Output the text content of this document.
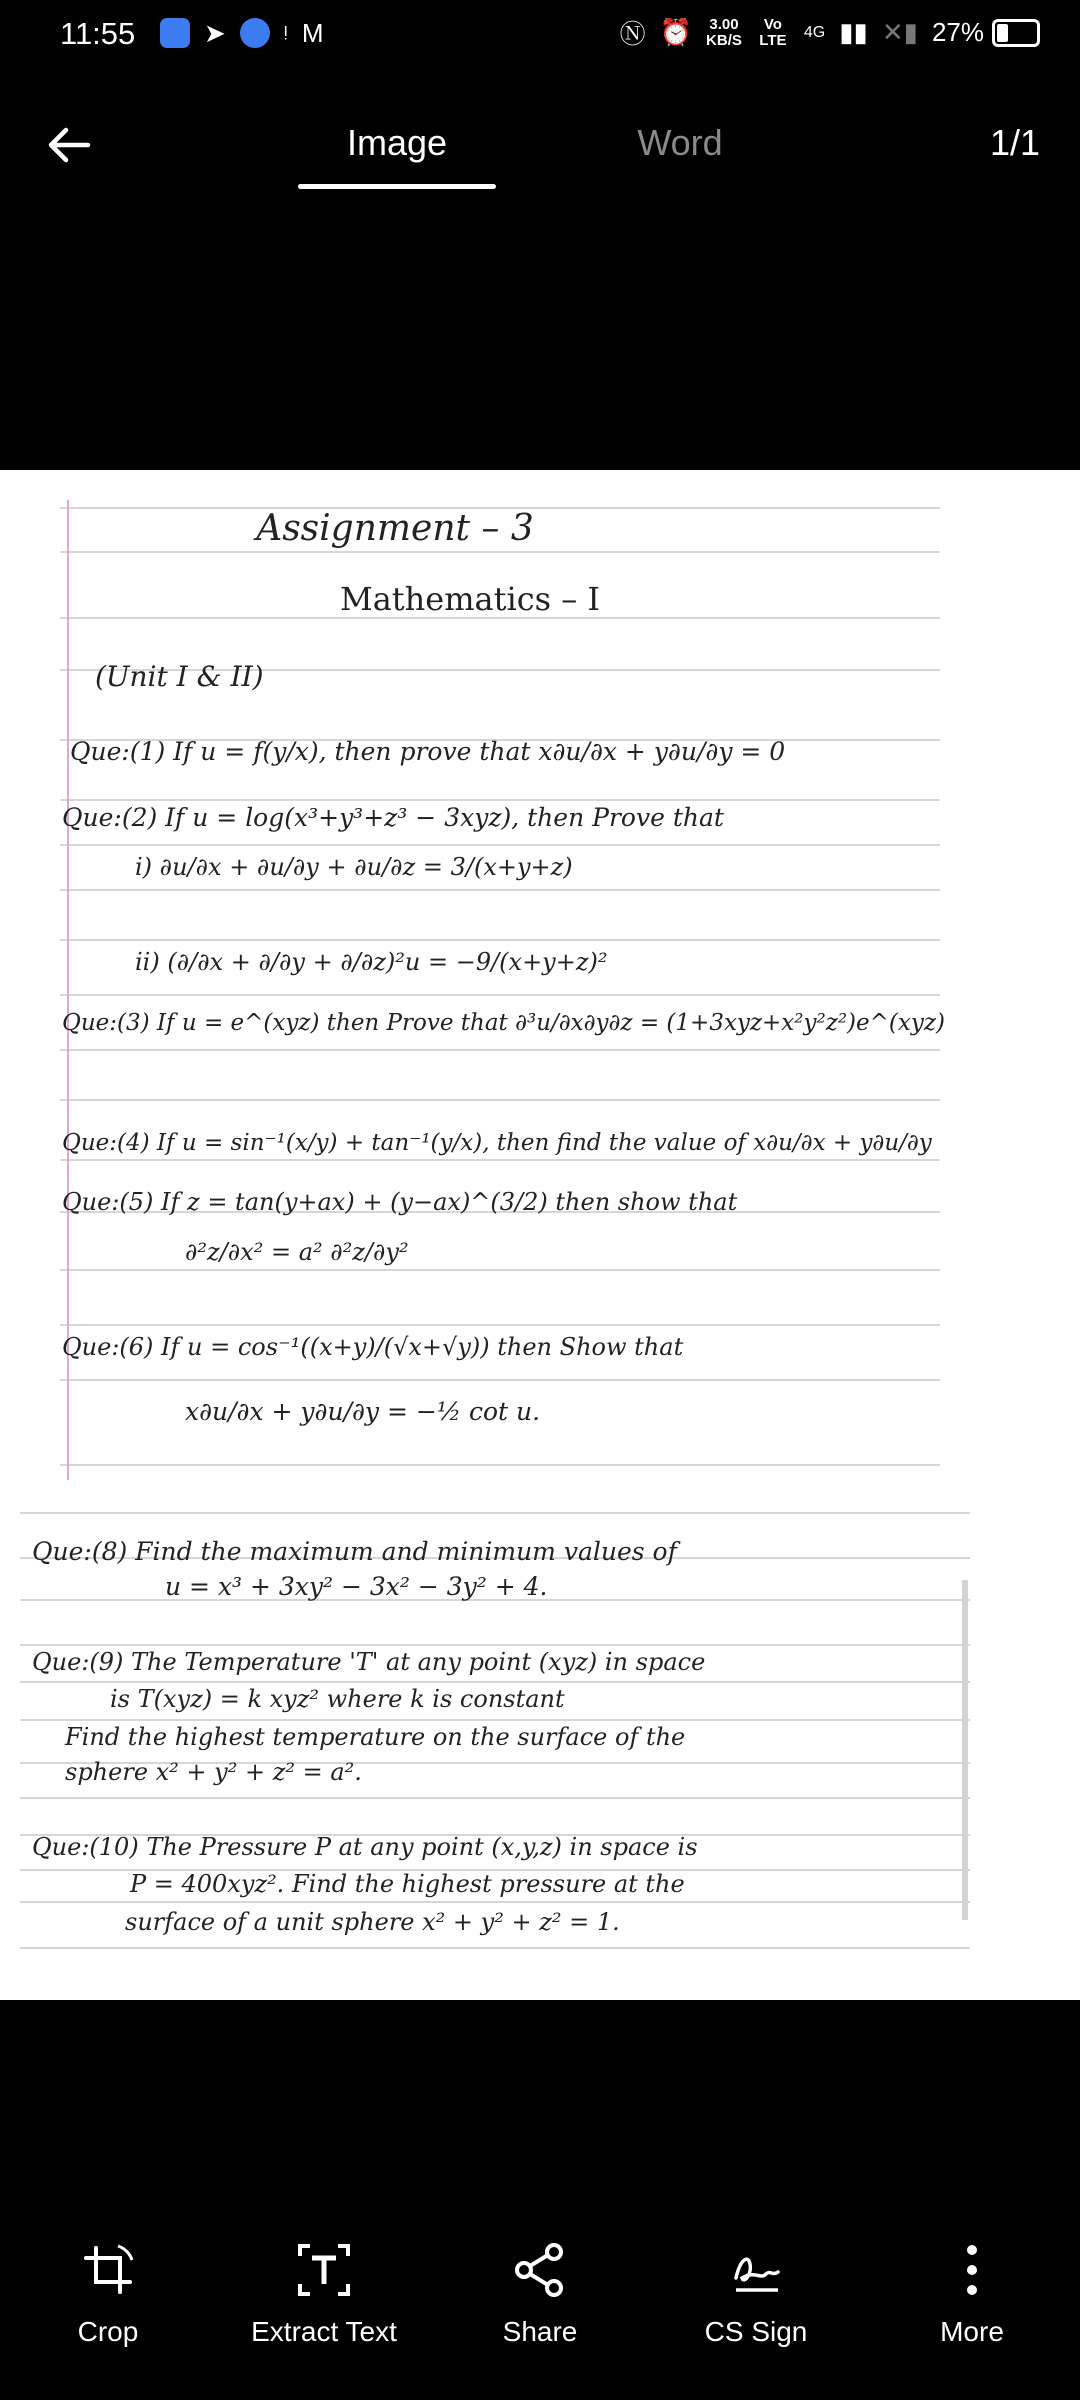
11:55	➤ ᵎ M	Ⓝ ⏰ 3.00
KB/S
Vo LTE 4G ▮▮ ✕▮ 27%
Image	Word	1/1
Assignment – 3
Mathematics – I
(Unit I & II)
Que:(1) If u = f(y/x), then prove that x∂u/∂x + y∂u/∂y = 0
Que:(2) If u = log(x³+y³+z³ − 3xyz), then Prove that
i) ∂u/∂x + ∂u/∂y + ∂u/∂z = 3/(x+y+z)
ii) (∂/∂x + ∂/∂y + ∂/∂z)²u = −9/(x+y+z)²
Que:(3) If u = e^(xyz) then Prove that ∂³u/∂x∂y∂z = (1+3xyz+x²y²z²)e^(xyz)
Que:(4) If u = sin⁻¹(x/y) + tan⁻¹(y/x), then find the value of x∂u/∂x + y∂u/∂y
Que:(5) If z = tan(y+ax) + (y−ax)^(3/2) then show that
∂²z/∂x² = a² ∂²z/∂y²
Que:(6) If u = cos⁻¹((x+y)/(√x+√y)) then Show that
x∂u/∂x + y∂u/∂y = −½ cot u.
Que:(8) Find the maximum and minimum values of
u = x³ + 3xy² − 3x² − 3y² + 4.
Que:(9) The Temperature 'T' at any point (xyz) in space
is T(xyz) = k xyz² where k is constant
Find the highest temperature on the surface of the
sphere x² + y² + z² = a².
Que:(10) The Pressure P at any point (x,y,z) in space is
P = 400xyz². Find the highest pressure at the
surface of a unit sphere x² + y² + z² = 1.
Crop	Extract Text	Share	CS Sign	More
